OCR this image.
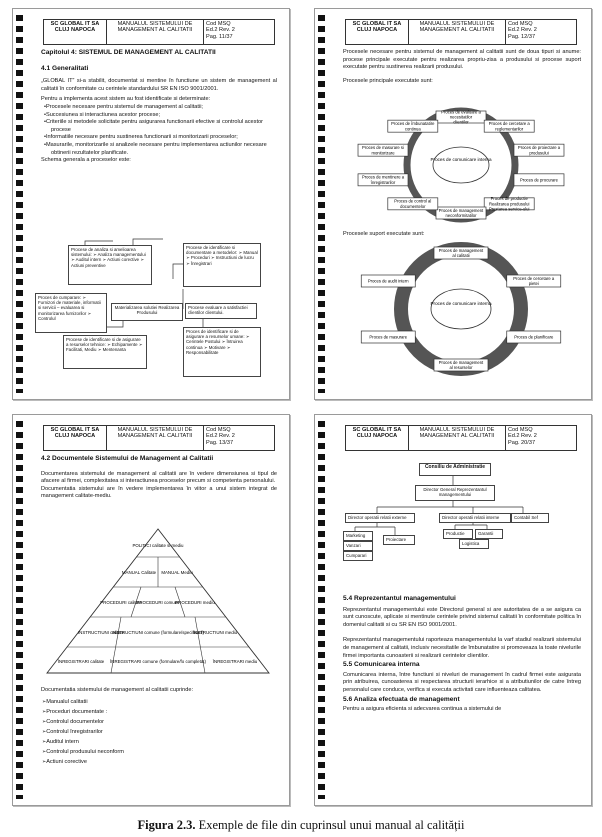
SC GLOBAL IT SA CLUJ NAPOCA
MANUALUL SISTEMULUI DE MANAGEMENT AL CALITATII
Cod MSQ
Ed.2 Rev. 2
Pag. 11/37
Capitolul 4: SISTEMUL DE MANAGEMENT AL CALITATII
4.1 Generalitati
„GLOBAL IT” si-a stabilit, documentat si mentine în functiune un sistem de management al calitatii în conformitate cu cerintele standardului SR EN ISO 9001/2001.
Pentru a implementa acest sistem au fost identificate si determinate:
• Procesele necesare pentru sistemul de management al calitatii;
• Succesiunea si interactiunea acestor procese;
• Criteriile si metodele solicitate pentru asigurarea functionarii efective si controlul acestor procese
• Informatiile necesare pentru sustinerea functionarii si monitorizarii proceselor;
• Masurarile, monitorizarile si analizele necesare pentru implementarea actiunilor necesare obtinerii rezultatelor planificate.
Schema generala a proceselor este:
Procese de analiza si amelioarea sistemului: ➢ Analiza managementului ➢ Auditul intern ➢ Actiuni corective ➢ Actiuni preventive
Procese de identificare si documentare a metodelor: ➢ Manual ➢ Proceduri ➢ Instructiuni de lucru ➢ Înregistrari
Proces de cumparare: ➢ Furnizori de materiale, informatii si servicii – evaluarea si monitorizarea furnizorilor ➢ Controlul
Materializarea solutiei Realizarea Produsului
Procese evaluare a satisfactiei clientilor clientului.
Procese de identificare si de asigurare a resurselor tehnice: ➢ Echipamente ➢ Facilitati, Mediu ➢ Mentenanta
Proces de identificare si de asigurare a resurselor umane: ➢ Cerintele Postului ➢ Întruirea continua ➢ Motivare ➢ Responsabilitate
SC GLOBAL IT SA CLUJ NAPOCA
MANUALUL SISTEMULUI DE MANAGEMENT AL CALITATII
Cod MSQ
Ed.2 Rev. 2
Pag. 12/37
Procesele necesare pentru sistemul de management al calitatii sunt de doua tipuri si anume: procese principale executate pentru realizarea propriu-zisa a produsului si procese suport executate pentru sustinerea realizarii produsului.
Procesele principale executate sunt:
Proces de comunicare interna
Proces de evaluare a
necesitatilor
clientilor	Proces de cercetare a
reglementarilor
Proces de proiectare a
produsului
Proces de procurare
Proces de productie
Realizarea produsului
Prestarea service-ului
Proces de management
neconformitatilor
Proces de control al
documentelor
Proces de mentinere a
înregistrarilor
Proces de masurare si
monitorizare
Proces de îmbunatatire
continua
Procesele suport executate sunt:
Proces de comunicare interna
Proces de management
al calitatii
Proces de cercetare a
pietei
Proces de planificare
Proces de management
al resurselor
Proces de masurare
Proces de audit intern
SC GLOBAL IT SA CLUJ NAPOCA
MANUALUL SISTEMULUI DE MANAGEMENT AL CALITATII
Cod MSQ
Ed.2 Rev. 2
Pag. 13/37
4.2 Documentele Sistemului de Management al Calitatii
Documentarea sistemului de management al calitatii are în vedere dimensiunea si tipul de afacere al firmei, complexitatea si interactiunea proceselor precum si competenta personalului.
Documentatia sistemului are în vedere implementarea în viitor a unui sistem integrat de management calitate-mediu.
POLITICI calitate si mediu
MANUAL Calitate MANUAL Mediu
PROCEDURI calitate
PROCEDURI comune
PROCEDURI mediu
INSTRUCTIUNI calitate
INSTRUCTIUNI comune (formulare/specificatii)
INSTRUCTIUNI mediu
ÎNREGISTRARI calitate ÎNREGISTRARI comune (formulare/fo completat) ÎNREGISTRARI mediu
Documentatia sistemului de management al calitatii cuprinde:
➢ Manualul calitatii
➢ Proceduri documentate :
➢ Controlul documentelor
➢ Controlul înregistrarilor
➢ Auditul intern
➢ Controlul produsului neconform
➢ Actiuni corective
SC GLOBAL IT SA CLUJ NAPOCA
MANUALUL SISTEMULUI DE MANAGEMENT AL CALITATII
Cod MSQ
Ed.2 Rev. 2
Pag. 20/37
Consiliu de Administratie
Director General Reprezentantul managementului
Director operatii relatii externe	Director operatii relatii interne	Contabil Sef
Marketing
Vanzari
Cumparari
Proiectare
Productie	Garantii
Logistica
5.4 Reprezentantul managementului
Reprezentantul managementului este Directorul general si are autoritatea de a se asigura ca sunt cunoscute, aplicate si mentinute cerintele privind sistemul calitatii în conformitate politica în domeniul calitatii si cu SR EN ISO 9001/2001.
Reprezentantul managementului raporteaza managementului la varf stadiul realizarii sistemului de management al calitatii, inclusiv necesitatile de îmbunatatire si promoveaza la toate nivelurile firmei importanta cunoasterii si realizarii cerintelor clientilor.
5.5 Comunicarea interna
Comunicarea interna, între functiuni si niveluri de management în cadrul firmei este asigurata prin atribuirea, cunoasterea si respectarea structurii ierarhice si a atributiunilor de catre întreg personalul care conduce, verifica si executa activitati care influenteaza calitatea.
5.6 Analiza efectuata de management
Pentru a asigura eficienta si adecvarea continua a sistemului de
Figura 2.3. Exemple de file din cuprinsul unui manual al calității
